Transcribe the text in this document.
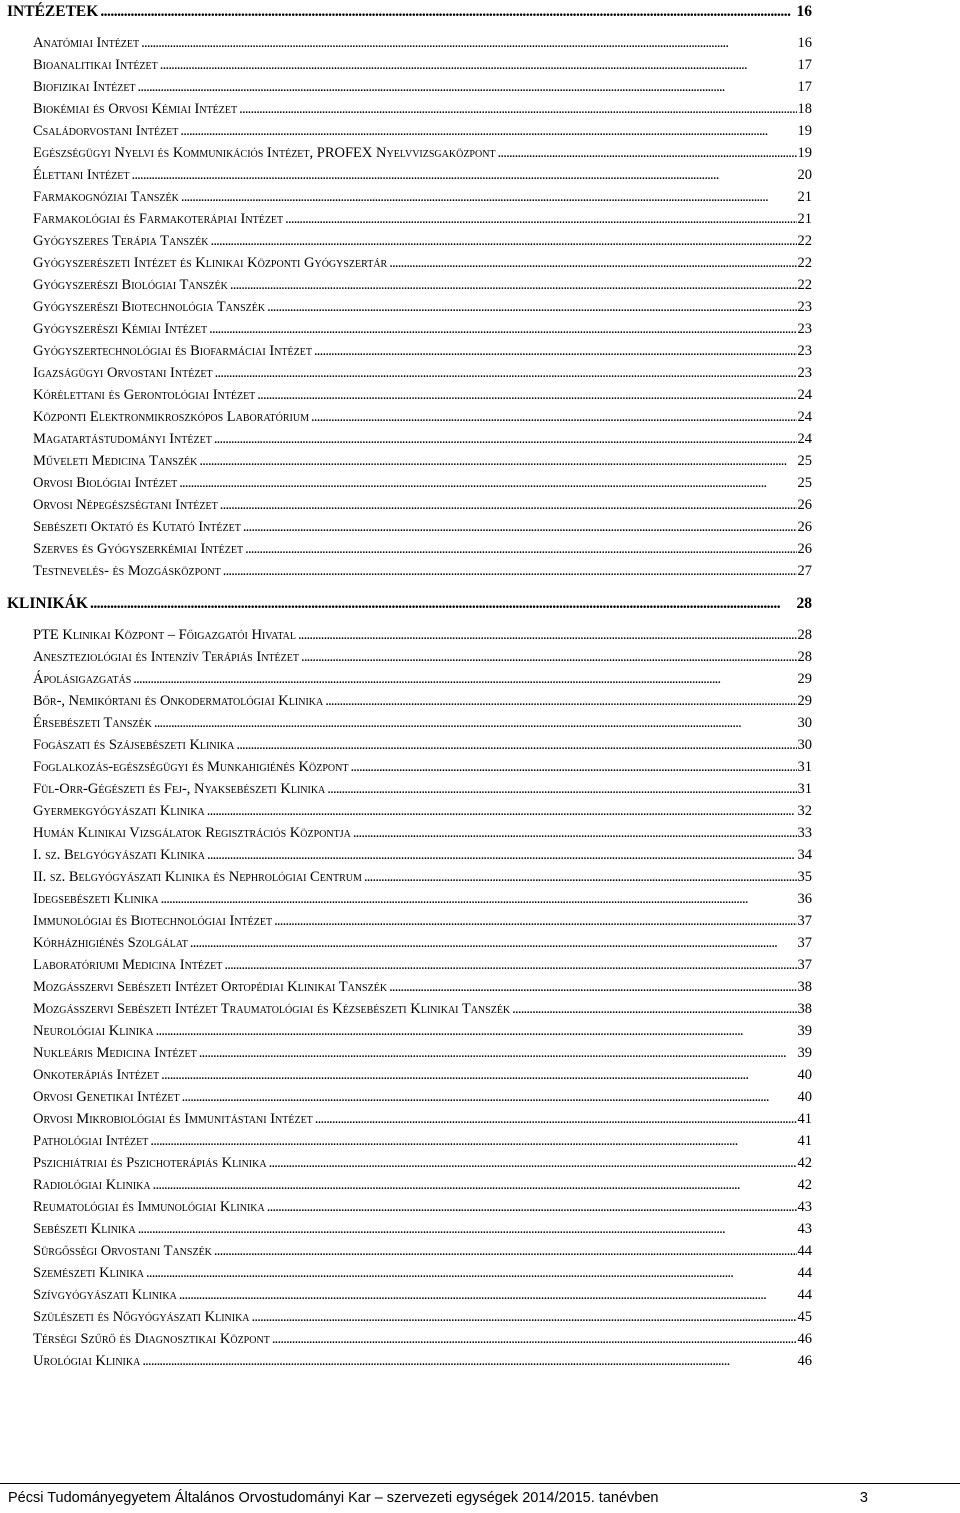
INTÉZETEK . . .	16
Anatómiai Intézet . . .	16
Bioanalitikai Intézet . . .	17
Biofizikai Intézet . . .	17
Biokémiai és Orvosi Kémiai Intézet . . .	18
Családorvostani Intézet . . .	19
Egészségügyi Nyelvi és Kommunikációs Intézet, PROFEX Nyelvvizsgaközpont . . .	19
Élettani Intézet . . .	20
Farmakognóziai Tanszék . . .	21
Farmakológiai és Farmakoterápiai Intézet . . .	21
Gyógyszeres Terápia Tanszék . . .	22
Gyógyszerészeti Intézet és Klinikai Központi Gyógyszertár . . .	22
Gyógyszerészi Biológiai Tanszék . . .	22
Gyógyszerészi Biotechnológia Tanszék . . .	23
Gyógyszerészi Kémiai Intézet . . .	23
Gyógyszertechnológiai és Biofarmáciai Intézet . . .	23
Igazságügyi Orvostani Intézet . . .	23
Kórélettani és Gerontológiai Intézet . . .	24
Központi Elektronmikroszkópos Laboratórium . . .	24
Magatartástudományi Intézet . . .	24
Műveleti Medicina Tanszék . . .	25
Orvosi Biológiai Intézet . . .	25
Orvosi Népegészségtani Intézet . . .	26
Sebészeti Oktató és Kutató Intézet . . .	26
Szerves és Gyógyszerkémiai Intézet . . .	26
Testnevelés- és Mozgásközpont . . .	27
KLINIKÁK . . .	28
PTE Klinikai Központ – Főigazgatói Hivatal . . .	28
Aneszteziológiai és Intenzív Terápiás Intézet . . .	28
Ápolásigazgatás . . .	29
Bőr-, Nemikórtani és Onkodermatológiai Klinika . . .	29
Érsebészeti Tanszék . . .	30
Fogászati és Szájsebészeti Klinika . . .	30
Foglalkozás-egészségügyi és Munkahigiénés Központ . . .	31
Fül-Orr-Gégészeti és Fej-, Nyaksebészeti Klinika . . .	31
Gyermekgyógyászati Klinika . . .	32
Humán Klinikai Vizsgálatok Regisztrációs Központja . . .	33
I. sz. Belgyógyászati Klinika . . .	34
II. sz. Belgyógyászati Klinika és Nephrológiai Centrum . . .	35
Idegsebészeti Klinika . . .	36
Immunológiai és Biotechnológiai Intézet . . .	37
Kórházhigiénés Szolgálat . . .	37
Laboratóriumi Medicina Intézet . . .	37
Mozgásszervi Sebészeti Intézet Ortopédiai Klinikai Tanszék . . .	38
Mozgásszervi Sebészeti Intézet Traumatológiai és Kézsebészeti Klinikai Tanszék . . .	38
Neurológiai Klinika . . .	39
Nukleáris Medicina Intézet . . .	39
Onkoterápiás Intézet . . .	40
Orvosi Genetikai Intézet . . .	40
Orvosi Mikrobiológiai és Immunitástani Intézet . . .	41
Pathológiai Intézet . . .	41
Pszichiátriai és Pszichoterápiás Klinika . . .	42
Radiológiai Klinika . . .	42
Reumatológiai és Immunológiai Klinika . . .	43
Sebészeti Klinika . . .	43
Sürgősségi Orvostani Tanszék . . .	44
Szemészeti Klinika . . .	44
Szívgyógyászati Klinika . . .	44
Szülészeti és Nőgyógyászati Klinika . . .	45
Térségi Szűrő és Diagnosztikai Központ . . .	46
Urológiai Klinika . . .	46
Pécsi Tudományegyetem Általános Orvostudományi Kar – szervezeti egységek 2014/2015. tanévben	3
